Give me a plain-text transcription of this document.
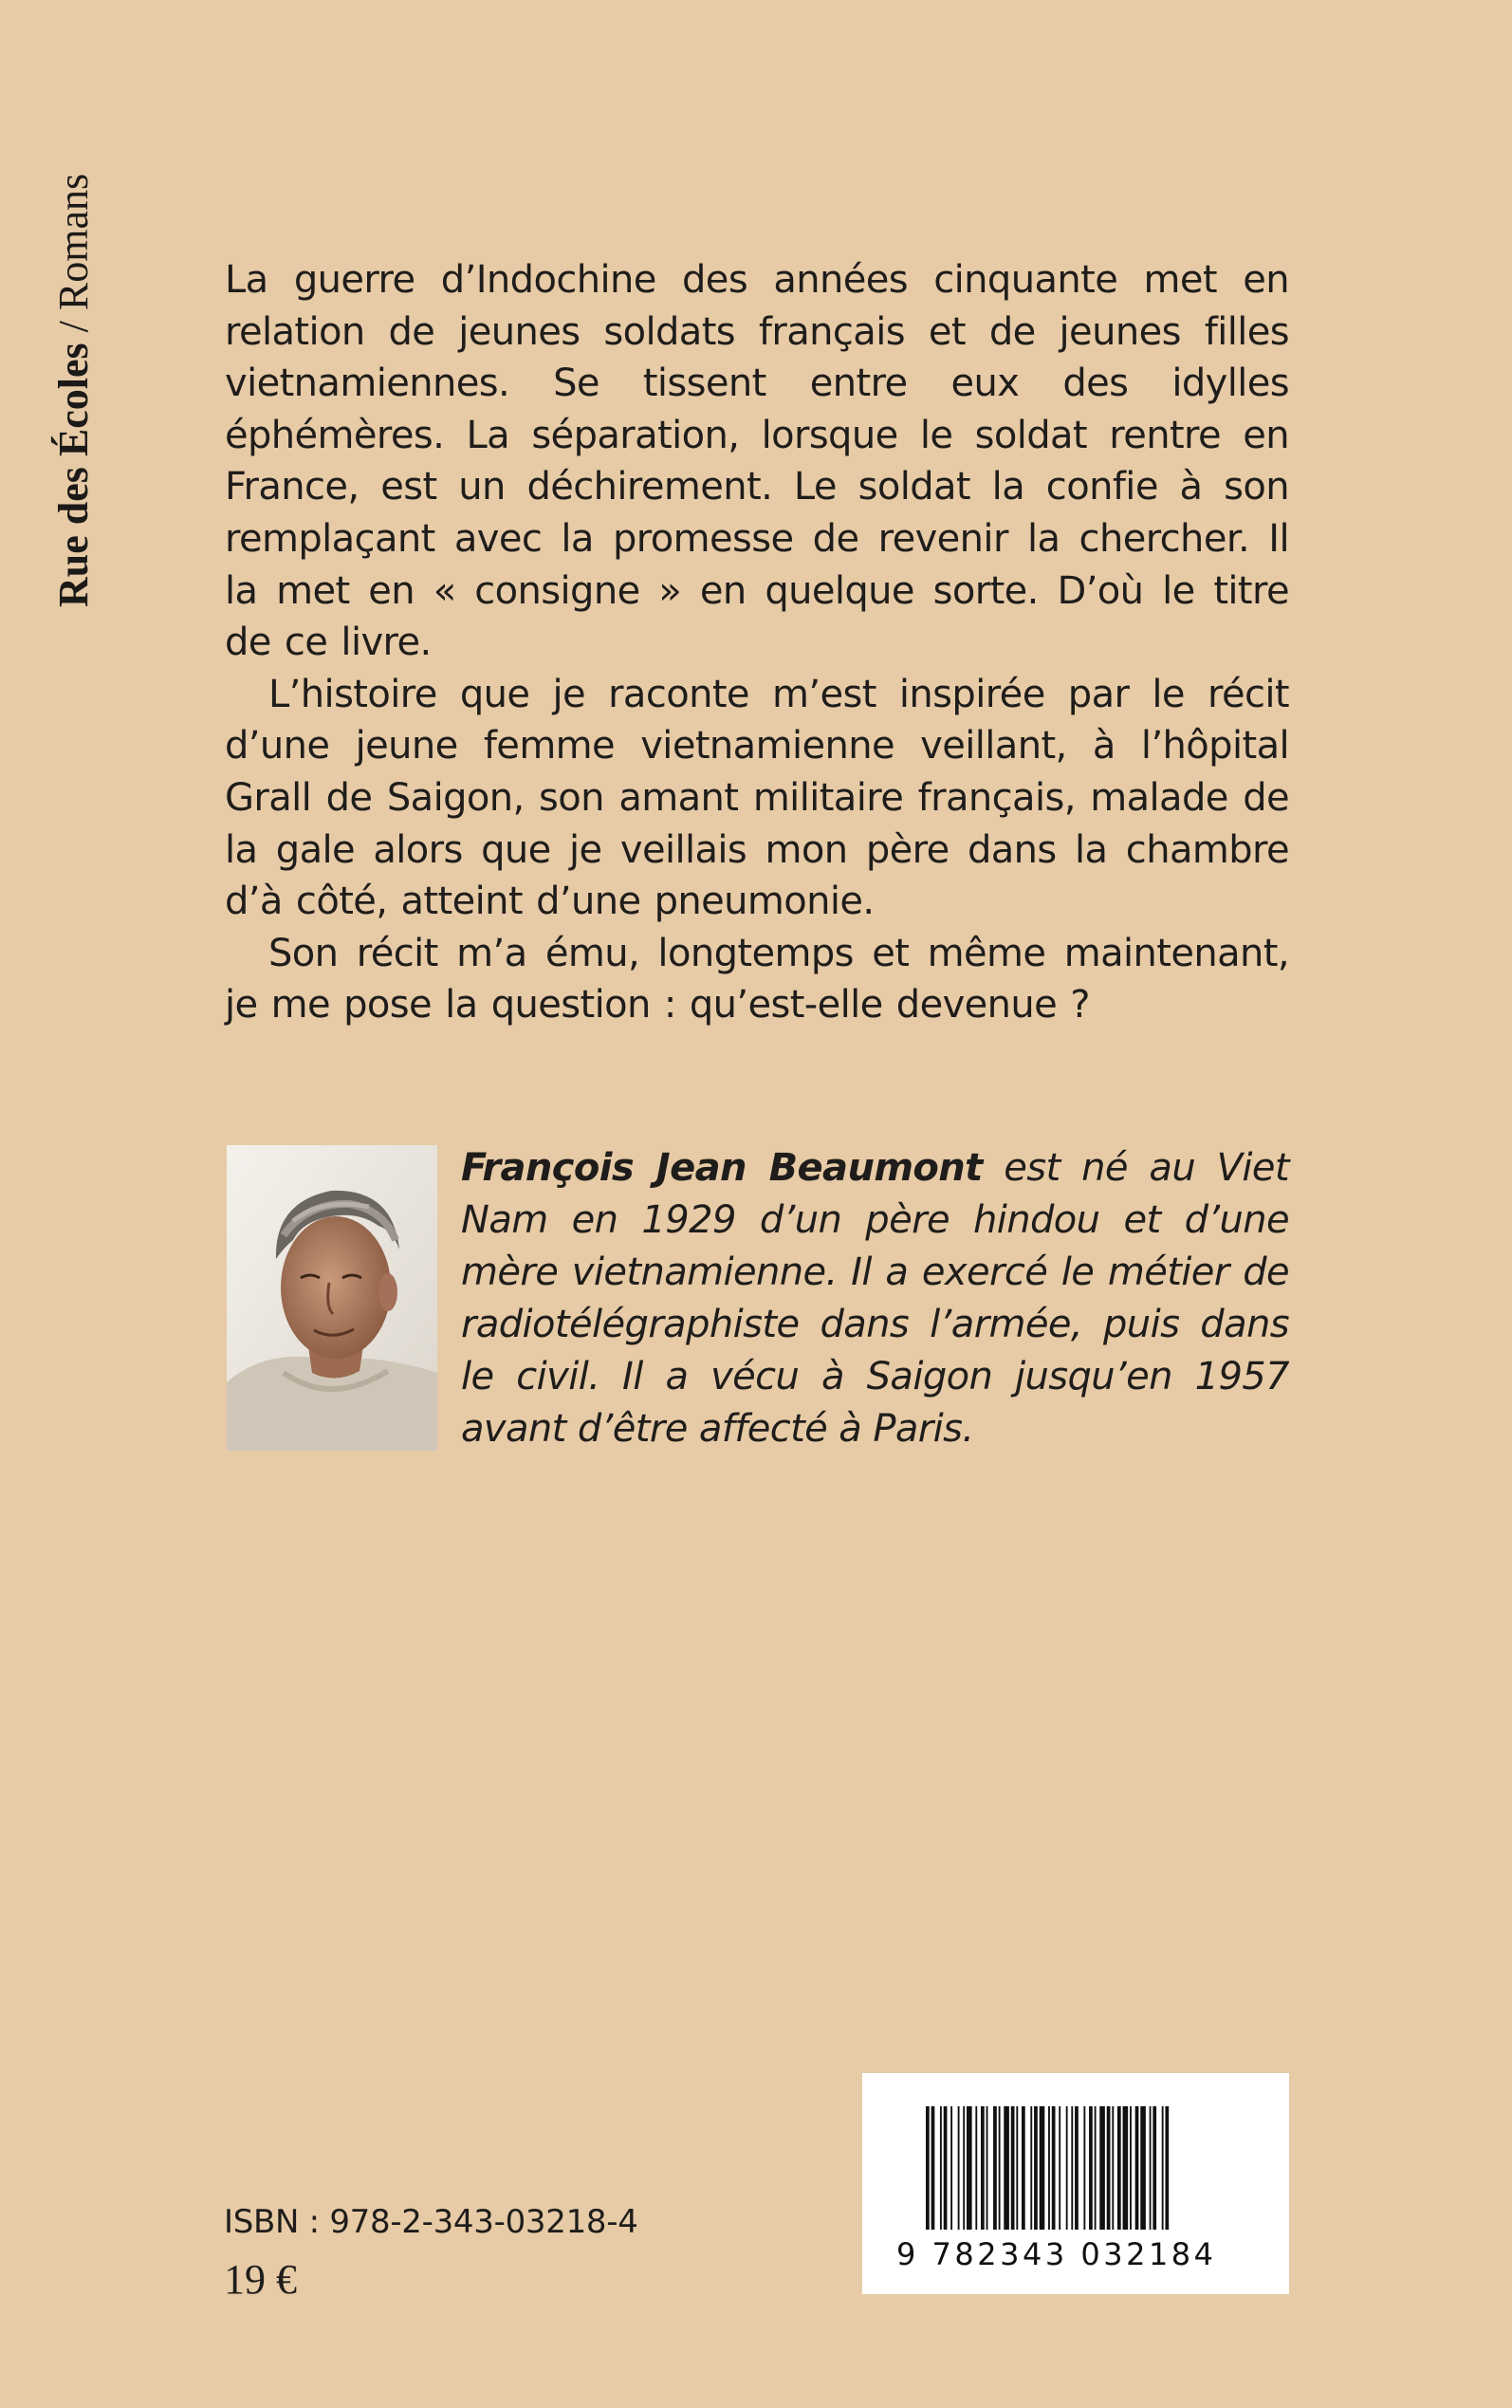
Rue des Écoles / Romans	La guerre d’Indochine des années cinquante met en relation de jeunes soldats français et de jeunes filles vietnamiennes. Se tissent entre eux des idylles éphémères. La séparation, lorsque le soldat rentre en France, est un déchirement. Le soldat la confie à son remplaçant avec la promesse de revenir la chercher. Il la met en « consigne » en quelque sorte. D’où le titre de ce livre.

L’histoire que je raconte m’est inspirée par le récit d’une jeune femme vietnamienne veillant, à l’hôpital Grall de Saigon, son amant militaire français, malade de la gale alors que je veillais mon père dans la chambre d’à côté, atteint d’une pneumonie.

Son récit m’a ému, longtemps et même maintenant, je me pose la question : qu’est-elle devenue ?

François Jean Beaumont est né au Viet Nam en 1929 d’un père hindou et d’une mère vietnamienne. Il a exercé le métier de radiotélégraphiste dans l’armée, puis dans le civil. Il a vécu à Saigon jusqu’en 1957 avant d’être affecté à Paris.

9 782343 032184
ISBN : 978-2-343-03218-4
19 €
